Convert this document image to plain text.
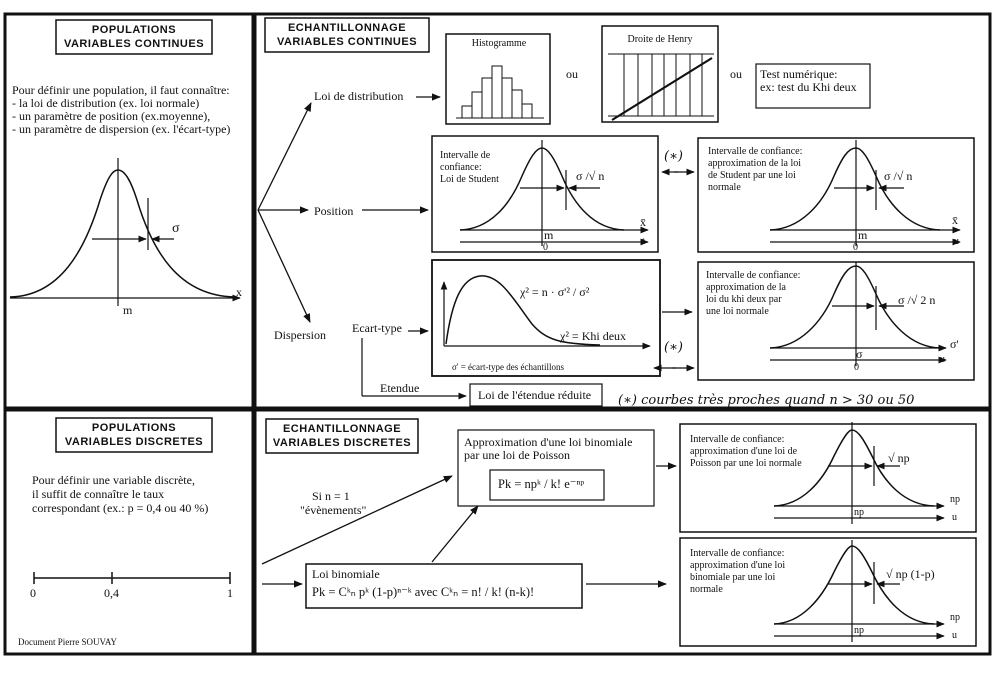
POPULATIONS
VARIABLES CONTINUES
Pour définir une population, il faut connaître:
- la loi de distribution (ex. loi normale)
- un paramètre de position (ex.moyenne),
- un paramètre de dispersion (ex. l'écart-type)
σ
x
m
ECHANTILLONNAGE
VARIABLES CONTINUES
Loi de distribution
Histogramme
ou
Droite de Henry
ou Test numérique:
ex: test du Khi deux
Position
Intervalle de
confiance:
Loi de Student	σ /√ n
x̄
m
0
t
(∗)	Intervalle de confiance:
approximation de la loi
de Student par une loi
normale
σ /√ n
x̄
m
0
u
Dispersion Ecart-type
χ² = n · σ'² / σ²
χ² = Khi deux
σ' = écart-type des échantillons
(∗)
Intervalle de confiance:
approximation de la
loi du khi deux par
une loi normale
σ /√ 2 n
σ'
σ
0
u
Etendue	Loi de l'étendue réduite (∗) courbes très proches quand n > 30 ou 50
POPULATIONS
VARIABLES DISCRETES
Pour définir une variable discrète,
il suffit de connaître le taux
correspondant (ex.: p = 0,4 ou 40 %)
0	0,4	1
Document Pierre SOUVAY
ECHANTILLONNAGE
VARIABLES DISCRETES
Si n = 1
"évènements"
Approximation d'une loi binomiale
par une loi de Poisson
Pk = npᵏ / k! e⁻ⁿᵖ
Loi binomiale
Pk = Cᵏₙ pᵏ (1-p)ⁿ⁻ᵏ avec Cᵏₙ = n! / k! (n-k)!
Intervalle de confiance:
approximation d'une loi de
Poisson par une loi normale	√ np
np
np	u
Intervalle de confiance:
approximation d'une loi
binomiale par une loi
normale
√ np (1-p)
np
np	u
